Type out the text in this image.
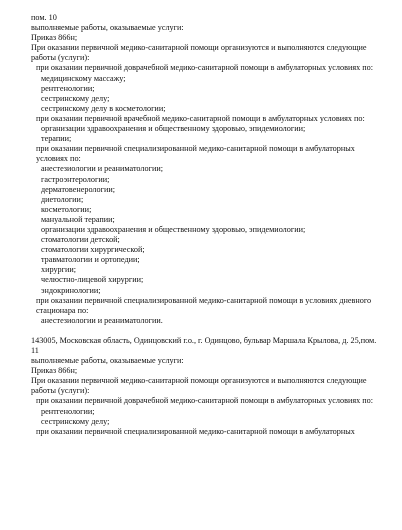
пом. 10
выполняемые работы, оказываемые услуги:
Приказ 866н;
При оказании первичной медико-санитарной помощи организуются и выполняются следующие работы (услуги):
при оказании первичной доврачебной медико-санитарной помощи в амбулаторных условиях по:
медицинскому массажу;
рентгенологии;
сестринскому делу;
сестринскому делу в косметологии;
при оказании первичной врачебной медико-санитарной помощи в амбулаторных условиях по:
организации здравоохранения и общественному здоровью, эпидемиологии;
терапии;
при оказании первичной специализированной медико-санитарной помощи в амбулаторных условиях по:
анестезиологии и реаниматологии;
гастроэнтерологии;
дерматовенерологии;
диетологии;
косметологии;
мануальной терапии;
организации здравоохранения и общественному здоровью, эпидемиологии;
стоматологии детской;
стоматологии хирургической;
травматологии и ортопедии;
хирургии;
челюстно-лицевой хирургии;
эндокринологии;
при оказании первичной специализированной медико-санитарной помощи в условиях дневного стационара по:
анестезиологии и реаниматологии.
143005, Московская область, Одинцовский г.о., г. Одинцово, бульвар Маршала Крылова, д. 25,пом. 11
выполняемые работы, оказываемые услуги:
Приказ 866н;
При оказании первичной медико-санитарной помощи организуются и выполняются следующие работы (услуги):
при оказании первичной доврачебной медико-санитарной помощи в амбулаторных условиях по:
рентгенологии;
сестринскому делу;
при оказании первичной специализированной медико-санитарной помощи в амбулаторных
